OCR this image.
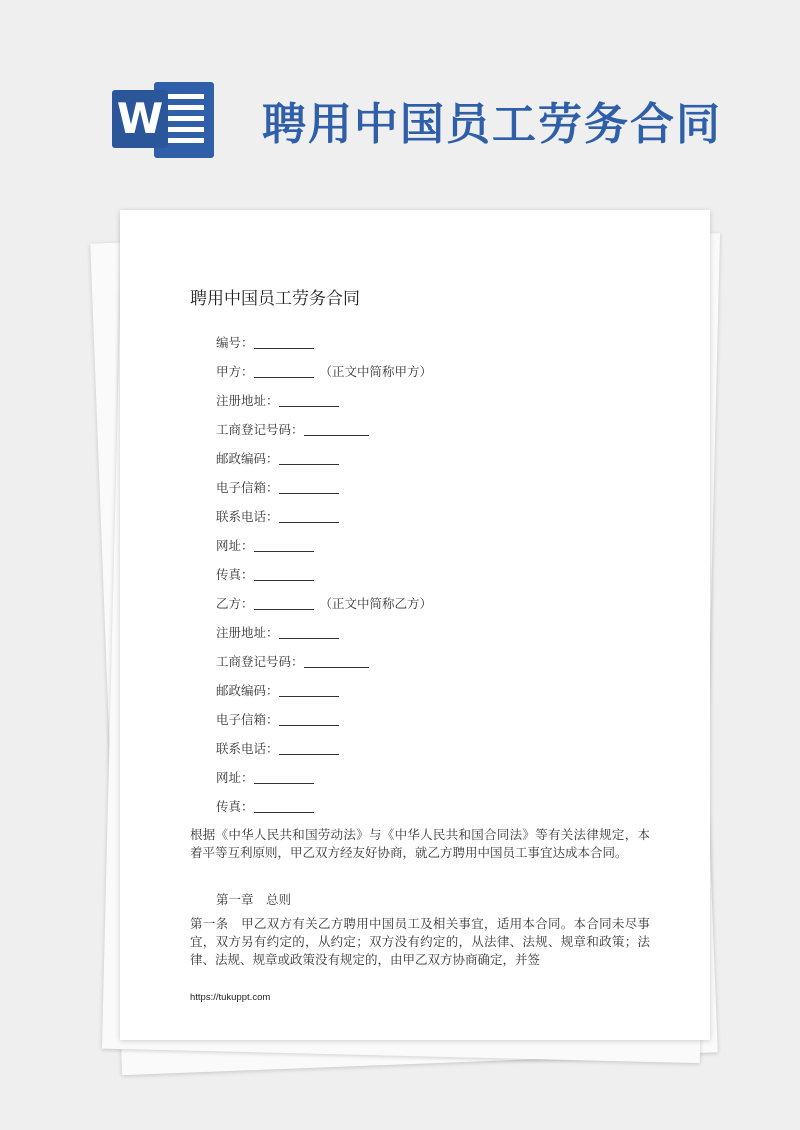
W 聘用中国员工劳务合同
聘用中国员工劳务合同
编号：
甲方：	（正文中简称甲方）
注册地址：
工商登记号码：
邮政编码：
电子信箱：
联系电话：
网址：
传真：
乙方：	（正文中简称乙方）
注册地址：
工商登记号码：
邮政编码：
电子信箱：
联系电话：
网址：
传真：
根据《中华人民共和国劳动法》与《中华人民共和国合同法》等有关法律规定，本着平等互利原则，甲乙双方经友好协商，就乙方聘用中国员工事宜达成本合同。
第一章　总则
第一条　甲乙双方有关乙方聘用中国员工及相关事宜，适用本合同。本合同未尽事宜，双方另有约定的，从约定；双方没有约定的，从法律、法规、规章和政策；法律、法规、规章或政策没有规定的，由甲乙双方协商确定，并签
https://tukuppt.com
